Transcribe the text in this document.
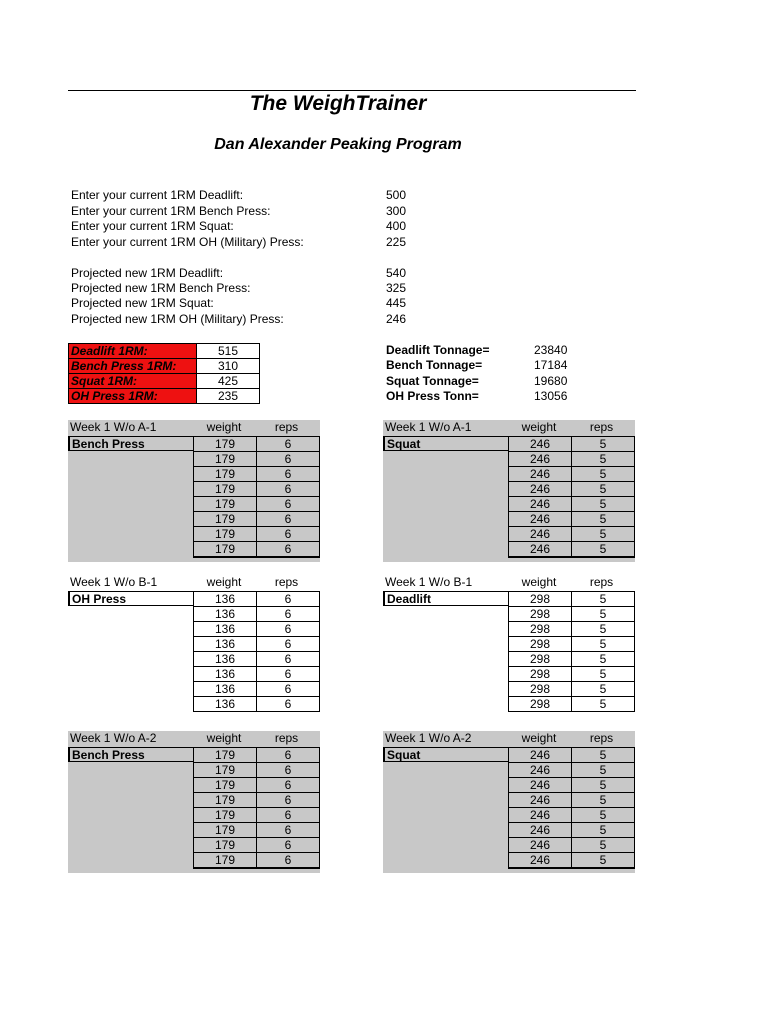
The WeighTrainer
Dan Alexander Peaking Program
Enter your current 1RM Deadlift:	500
Enter your current 1RM Bench Press:	300
Enter your current 1RM Squat:	400
Enter your current 1RM OH (Military) Press:	225
Projected new 1RM Deadlift:	540
Projected new 1RM Bench Press:	325
Projected new 1RM Squat:	445
Projected new 1RM OH (Military) Press:	246
Deadlift 1RM:	515
Bench Press 1RM:	310
Squat 1RM:	425
OH Press 1RM:	235
Deadlift Tonnage=	23840
Bench Tonnage=	17184
Squat Tonnage=	19680
OH Press Tonn=	13056
Week 1 W/o A-1	weight	reps
Bench Press	179	6
179	6
179	6
179	6
179	6
179	6
179	6
179	6
Week 1 W/o A-1	weight	reps
Squat	246	5
246	5
246	5
246	5
246	5
246	5
246	5
246	5
Week 1 W/o B-1	weight	reps
OH Press	136	6
136	6
136	6
136	6
136	6
136	6
136	6
136	6
Week 1 W/o B-1	weight	reps
Deadlift	298	5
298	5
298	5
298	5
298	5
298	5
298	5
298	5
Week 1 W/o A-2	weight	reps
Bench Press	179	6
179	6
179	6
179	6
179	6
179	6
179	6
179	6
Week 1 W/o A-2	weight	reps
Squat	246	5
246	5
246	5
246	5
246	5
246	5
246	5
246	5
